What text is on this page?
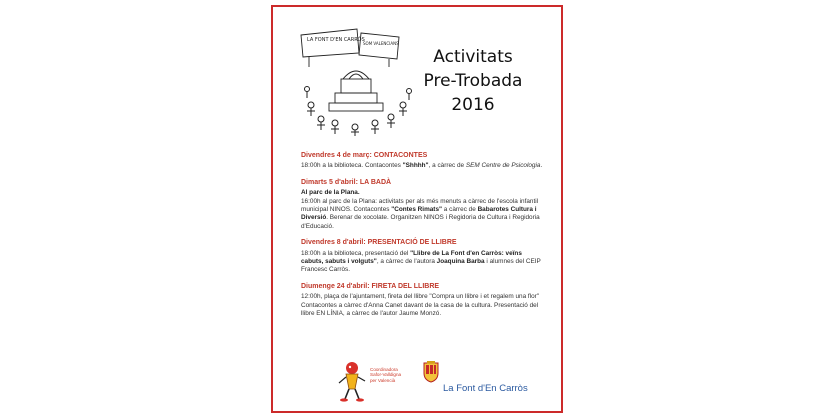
LA FONT D'EN CARRÒS
SOM VALENCIANS
Activitats
Pre-Trobada
2016
Divendres 4 de març: CONTACONTES

18:00h a la biblioteca. Contacontes "Shhhh", a càrrec de SEM Centre de Psicologia.

Dimarts 5 d'abril: LA BADÀ

Al parc de la Plana.

16:00h al parc de la Plana: activitats per als més menuts a càrrec de l'escola infantil municipal NINOS. Contacontes "Contes Rimats" a càrrec de Babarotes Cultura i Diversió. Berenar de xocolate. Organitzen NINOS i Regidoria de Cultura i Regidoria d'Educació.

Divendres 8 d'abril: PRESENTACIÓ DE LLIBRE

18:00h a la biblioteca, presentació del "Llibre de La Font d'en Carròs: veïns cabuts, sabuts i volguts", a càrrec de l'autora Joaquina Barba i alumnes del CEIP Francesc Carròs.

Diumenge 24 d'abril: FIRETA DEL LLIBRE

12:00h, plaça de l'ajuntament, fireta del llibre "Compra un llibre i et regalem una flor" Contacontes a càrrec d'Anna Canet davant de la casa de la cultura. Presentació del llibre EN LÍNIA, a càrrec de l'autor Jaume Monzó.

Coordinadora
Safor-Valldigna
per Valencià
La Font d'En Carròs
